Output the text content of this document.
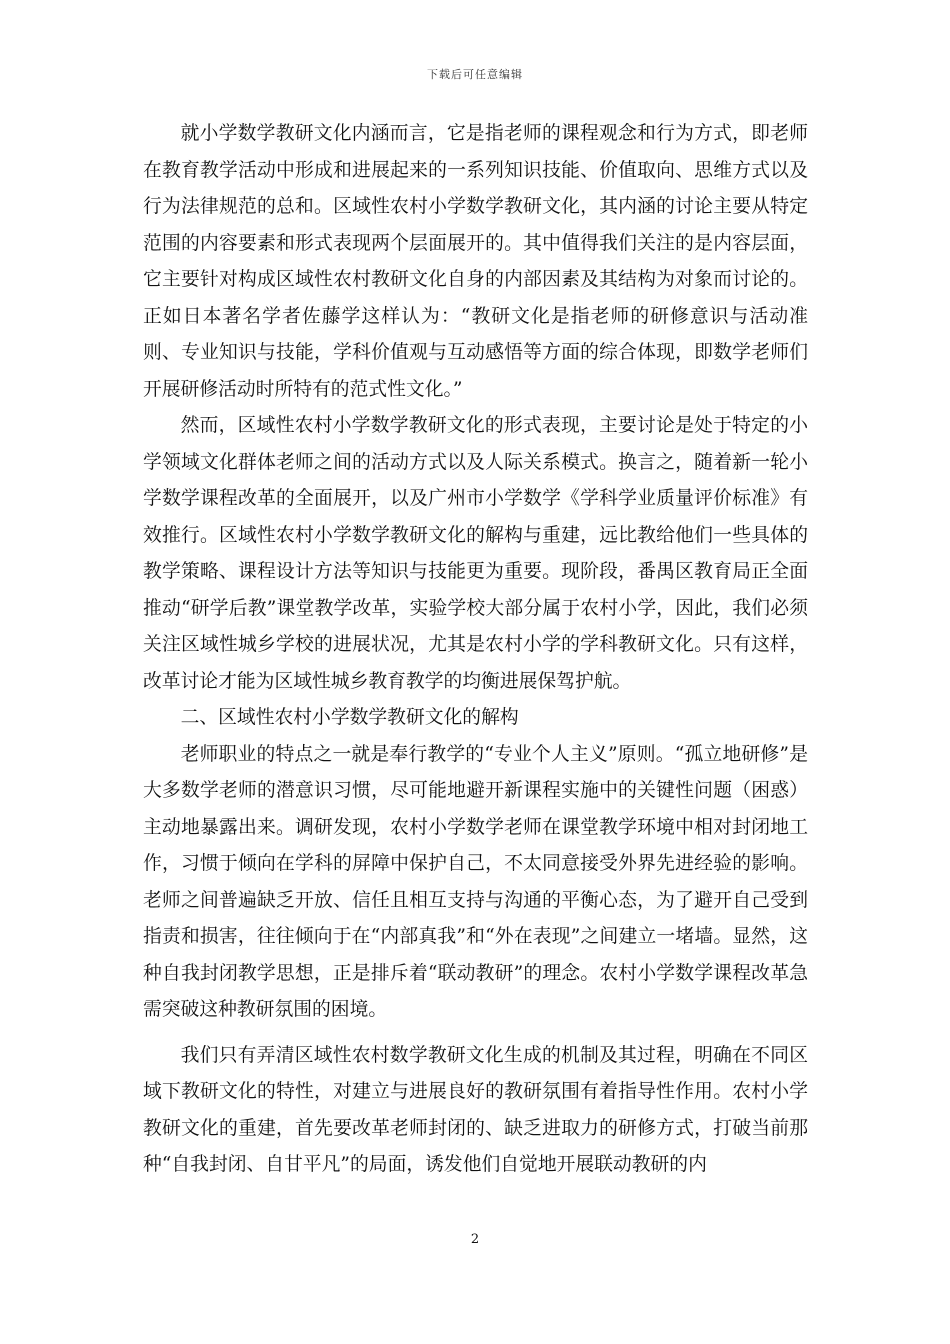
下载后可任意编辑

就小学数学教研文化内涵而言，它是指老师的课程观念和行为方式，即老师在教育教学活动中形成和进展起来的一系列知识技能、价值取向、思维方式以及行为法律规范的总和。区域性农村小学数学教研文化，其内涵的讨论主要从特定范围的内容要素和形式表现两个层面展开的。其中值得我们关注的是内容层面，它主要针对构成区域性农村教研文化自身的内部因素及其结构为对象而讨论的。正如日本著名学者佐藤学这样认为：“教研文化是指老师的研修意识与活动准则、专业知识与技能，学科价值观与互动感悟等方面的综合体现，即数学老师们开展研修活动时所特有的范式性文化。”

然而，区域性农村小学数学教研文化的形式表现，主要讨论是处于特定的小学领域文化群体老师之间的活动方式以及人际关系模式。换言之，随着新一轮小学数学课程改革的全面展开，以及广州市小学数学《学科学业质量评价标准》有效推行。区域性农村小学数学教研文化的解构与重建，远比教给他们一些具体的教学策略、课程设计方法等知识与技能更为重要。现阶段，番禺区教育局正全面推动“研学后教”课堂教学改革，实验学校大部分属于农村小学，因此，我们必须关注区域性城乡学校的进展状况，尤其是农村小学的学科教研文化。只有这样，改革讨论才能为区域性城乡教育教学的均衡进展保驾护航。

二、区域性农村小学数学教研文化的解构

老师职业的特点之一就是奉行教学的“专业个人主义”原则。“孤立地研修”是大多数学老师的潜意识习惯，尽可能地避开新课程实施中的关键性问题（困惑）主动地暴露出来。调研发现，农村小学数学老师在课堂教学环境中相对封闭地工作，习惯于倾向在学科的屏障中保护自己，不太同意接受外界先进经验的影响。老师之间普遍缺乏开放、信任且相互支持与沟通的平衡心态，为了避开自己受到指责和损害，往往倾向于在“内部真我”和“外在表现”之间建立一堵墙。显然，这种自我封闭教学思想，正是排斥着“联动教研”的理念。农村小学数学课程改革急需突破这种教研氛围的困境。

我们只有弄清区域性农村数学教研文化生成的机制及其过程，明确在不同区域下教研文化的特性，对建立与进展良好的教研氛围有着指导性作用。农村小学教研文化的重建，首先要改革老师封闭的、缺乏进取力的研修方式，打破当前那种“自我封闭、自甘平凡”的局面，诱发他们自觉地开展联动教研的内

2
